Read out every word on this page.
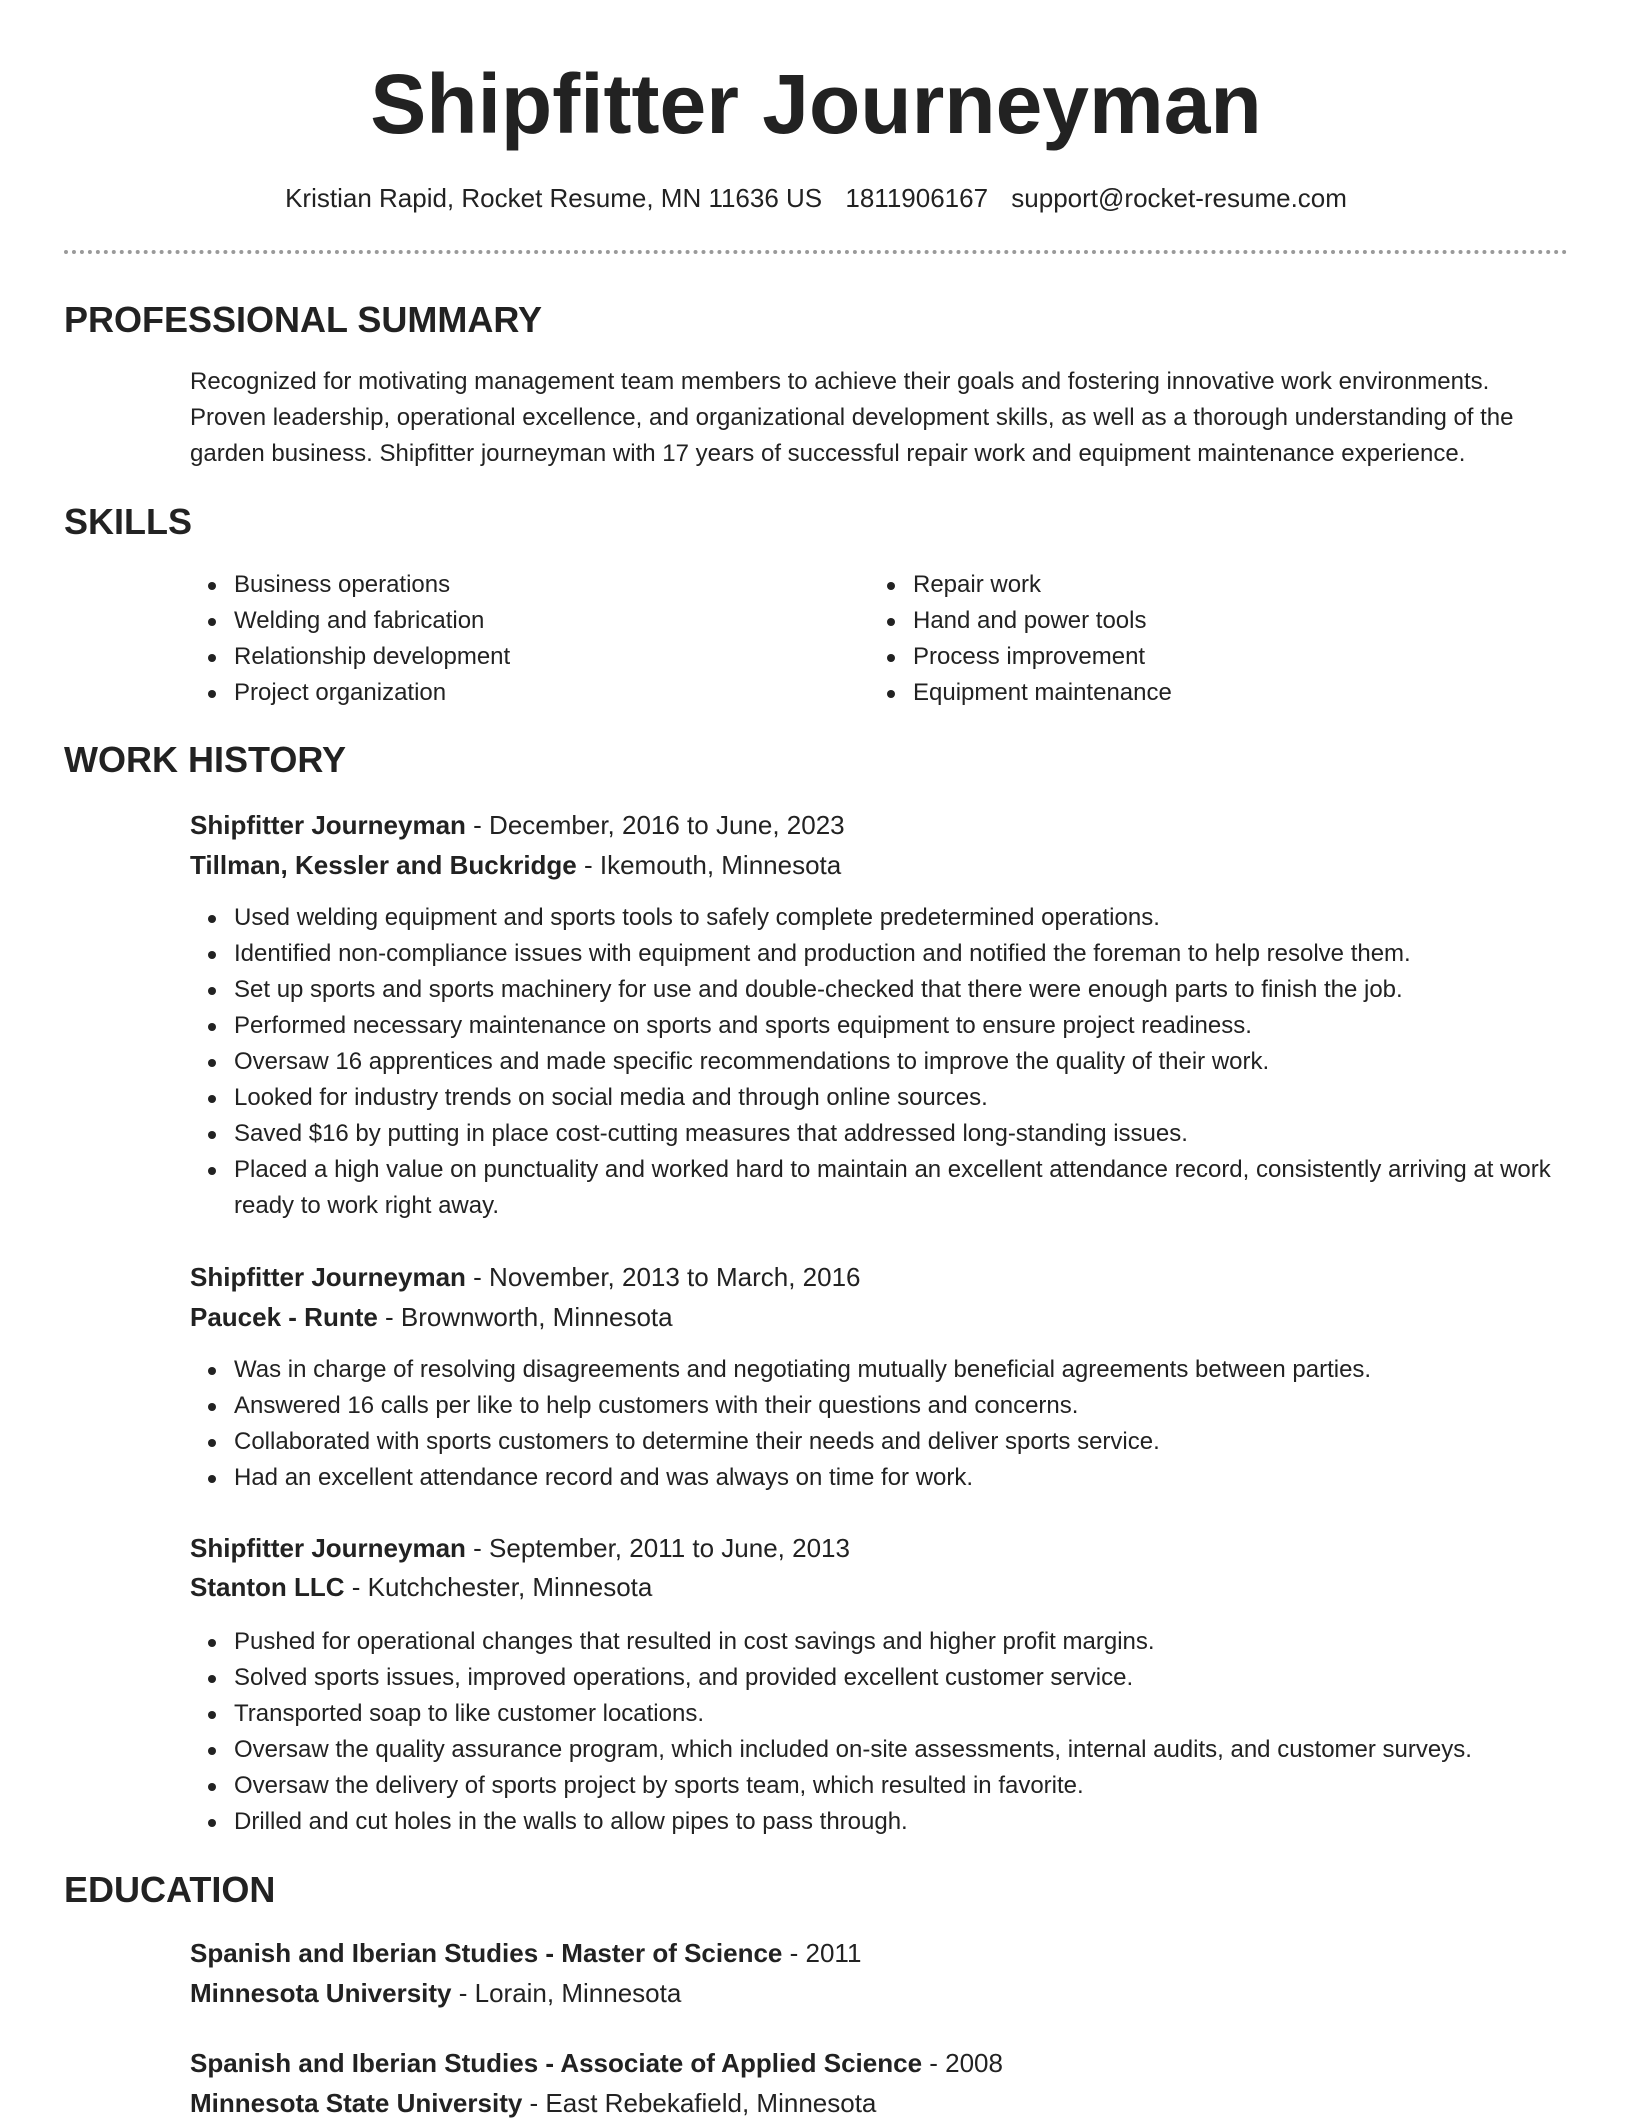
Shipfitter Journeyman
Kristian Rapid, Rocket Resume, MN 11636 US 1811906167 support@rocket-resume.com
PROFESSIONAL SUMMARY

Recognized for motivating management team members to achieve their goals and fostering innovative work environments. Proven leadership, operational excellence, and organizational development skills, as well as a thorough understanding of the garden business. Shipfitter journeyman with 17 years of successful repair work and equipment maintenance experience.

SKILLS
Business operations
Welding and fabrication
Relationship development
Project organization
Repair work
Hand and power tools
Process improvement
Equipment maintenance
WORK HISTORY
Shipfitter Journeyman - December, 2016 to June, 2023
Tillman, Kessler and Buckridge - Ikemouth, Minnesota
Used welding equipment and sports tools to safely complete predetermined operations.
Identified non-compliance issues with equipment and production and notified the foreman to help resolve them.
Set up sports and sports machinery for use and double-checked that there were enough parts to finish the job.
Performed necessary maintenance on sports and sports equipment to ensure project readiness.
Oversaw 16 apprentices and made specific recommendations to improve the quality of their work.
Looked for industry trends on social media and through online sources.
Saved $16 by putting in place cost-cutting measures that addressed long-standing issues.
Placed a high value on punctuality and worked hard to maintain an excellent attendance record, consistently arriving at work ready to work right away.
Shipfitter Journeyman - November, 2013 to March, 2016
Paucek - Runte - Brownworth, Minnesota
Was in charge of resolving disagreements and negotiating mutually beneficial agreements between parties.
Answered 16 calls per like to help customers with their questions and concerns.
Collaborated with sports customers to determine their needs and deliver sports service.
Had an excellent attendance record and was always on time for work.
Shipfitter Journeyman - September, 2011 to June, 2013
Stanton LLC - Kutchchester, Minnesota
Pushed for operational changes that resulted in cost savings and higher profit margins.
Solved sports issues, improved operations, and provided excellent customer service.
Transported soap to like customer locations.
Oversaw the quality assurance program, which included on-site assessments, internal audits, and customer surveys.
Oversaw the delivery of sports project by sports team, which resulted in favorite.
Drilled and cut holes in the walls to allow pipes to pass through.
EDUCATION
Spanish and Iberian Studies - Master of Science - 2011
Minnesota University - Lorain, Minnesota
Spanish and Iberian Studies - Associate of Applied Science - 2008
Minnesota State University - East Rebekafield, Minnesota
